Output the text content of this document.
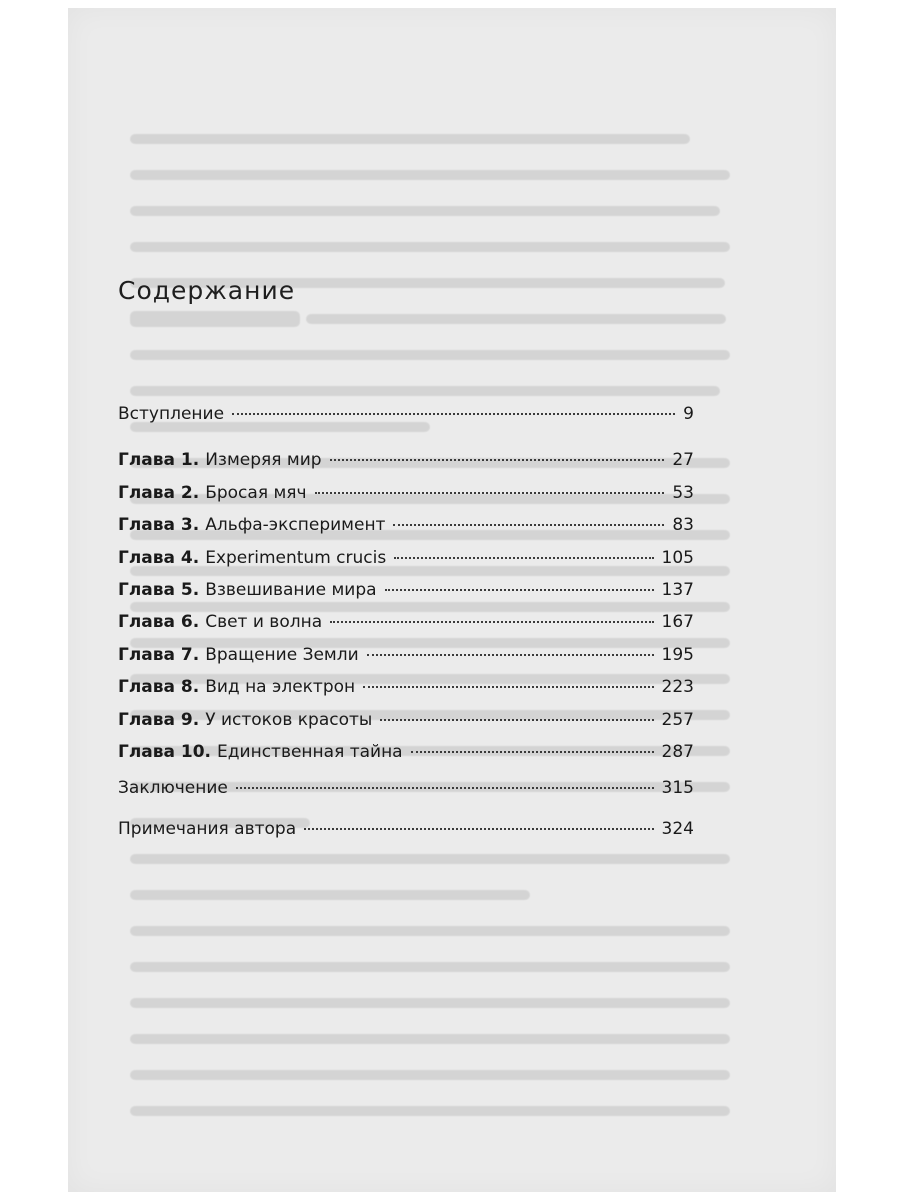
Содержание
Вступление	9
Глава 1. Измеряя мир	27
Глава 2. Бросая мяч	53
Глава 3. Альфа-эксперимент	83
Глава 4. Experimentum crucis	105
Глава 5. Взвешивание мира	137
Глава 6. Свет и волна	167
Глава 7. Вращение Земли	195
Глава 8. Вид на электрон	223
Глава 9. У истоков красоты	257
Глава 10. Единственная тайна	287
Заключение	315
Примечания автора	324
